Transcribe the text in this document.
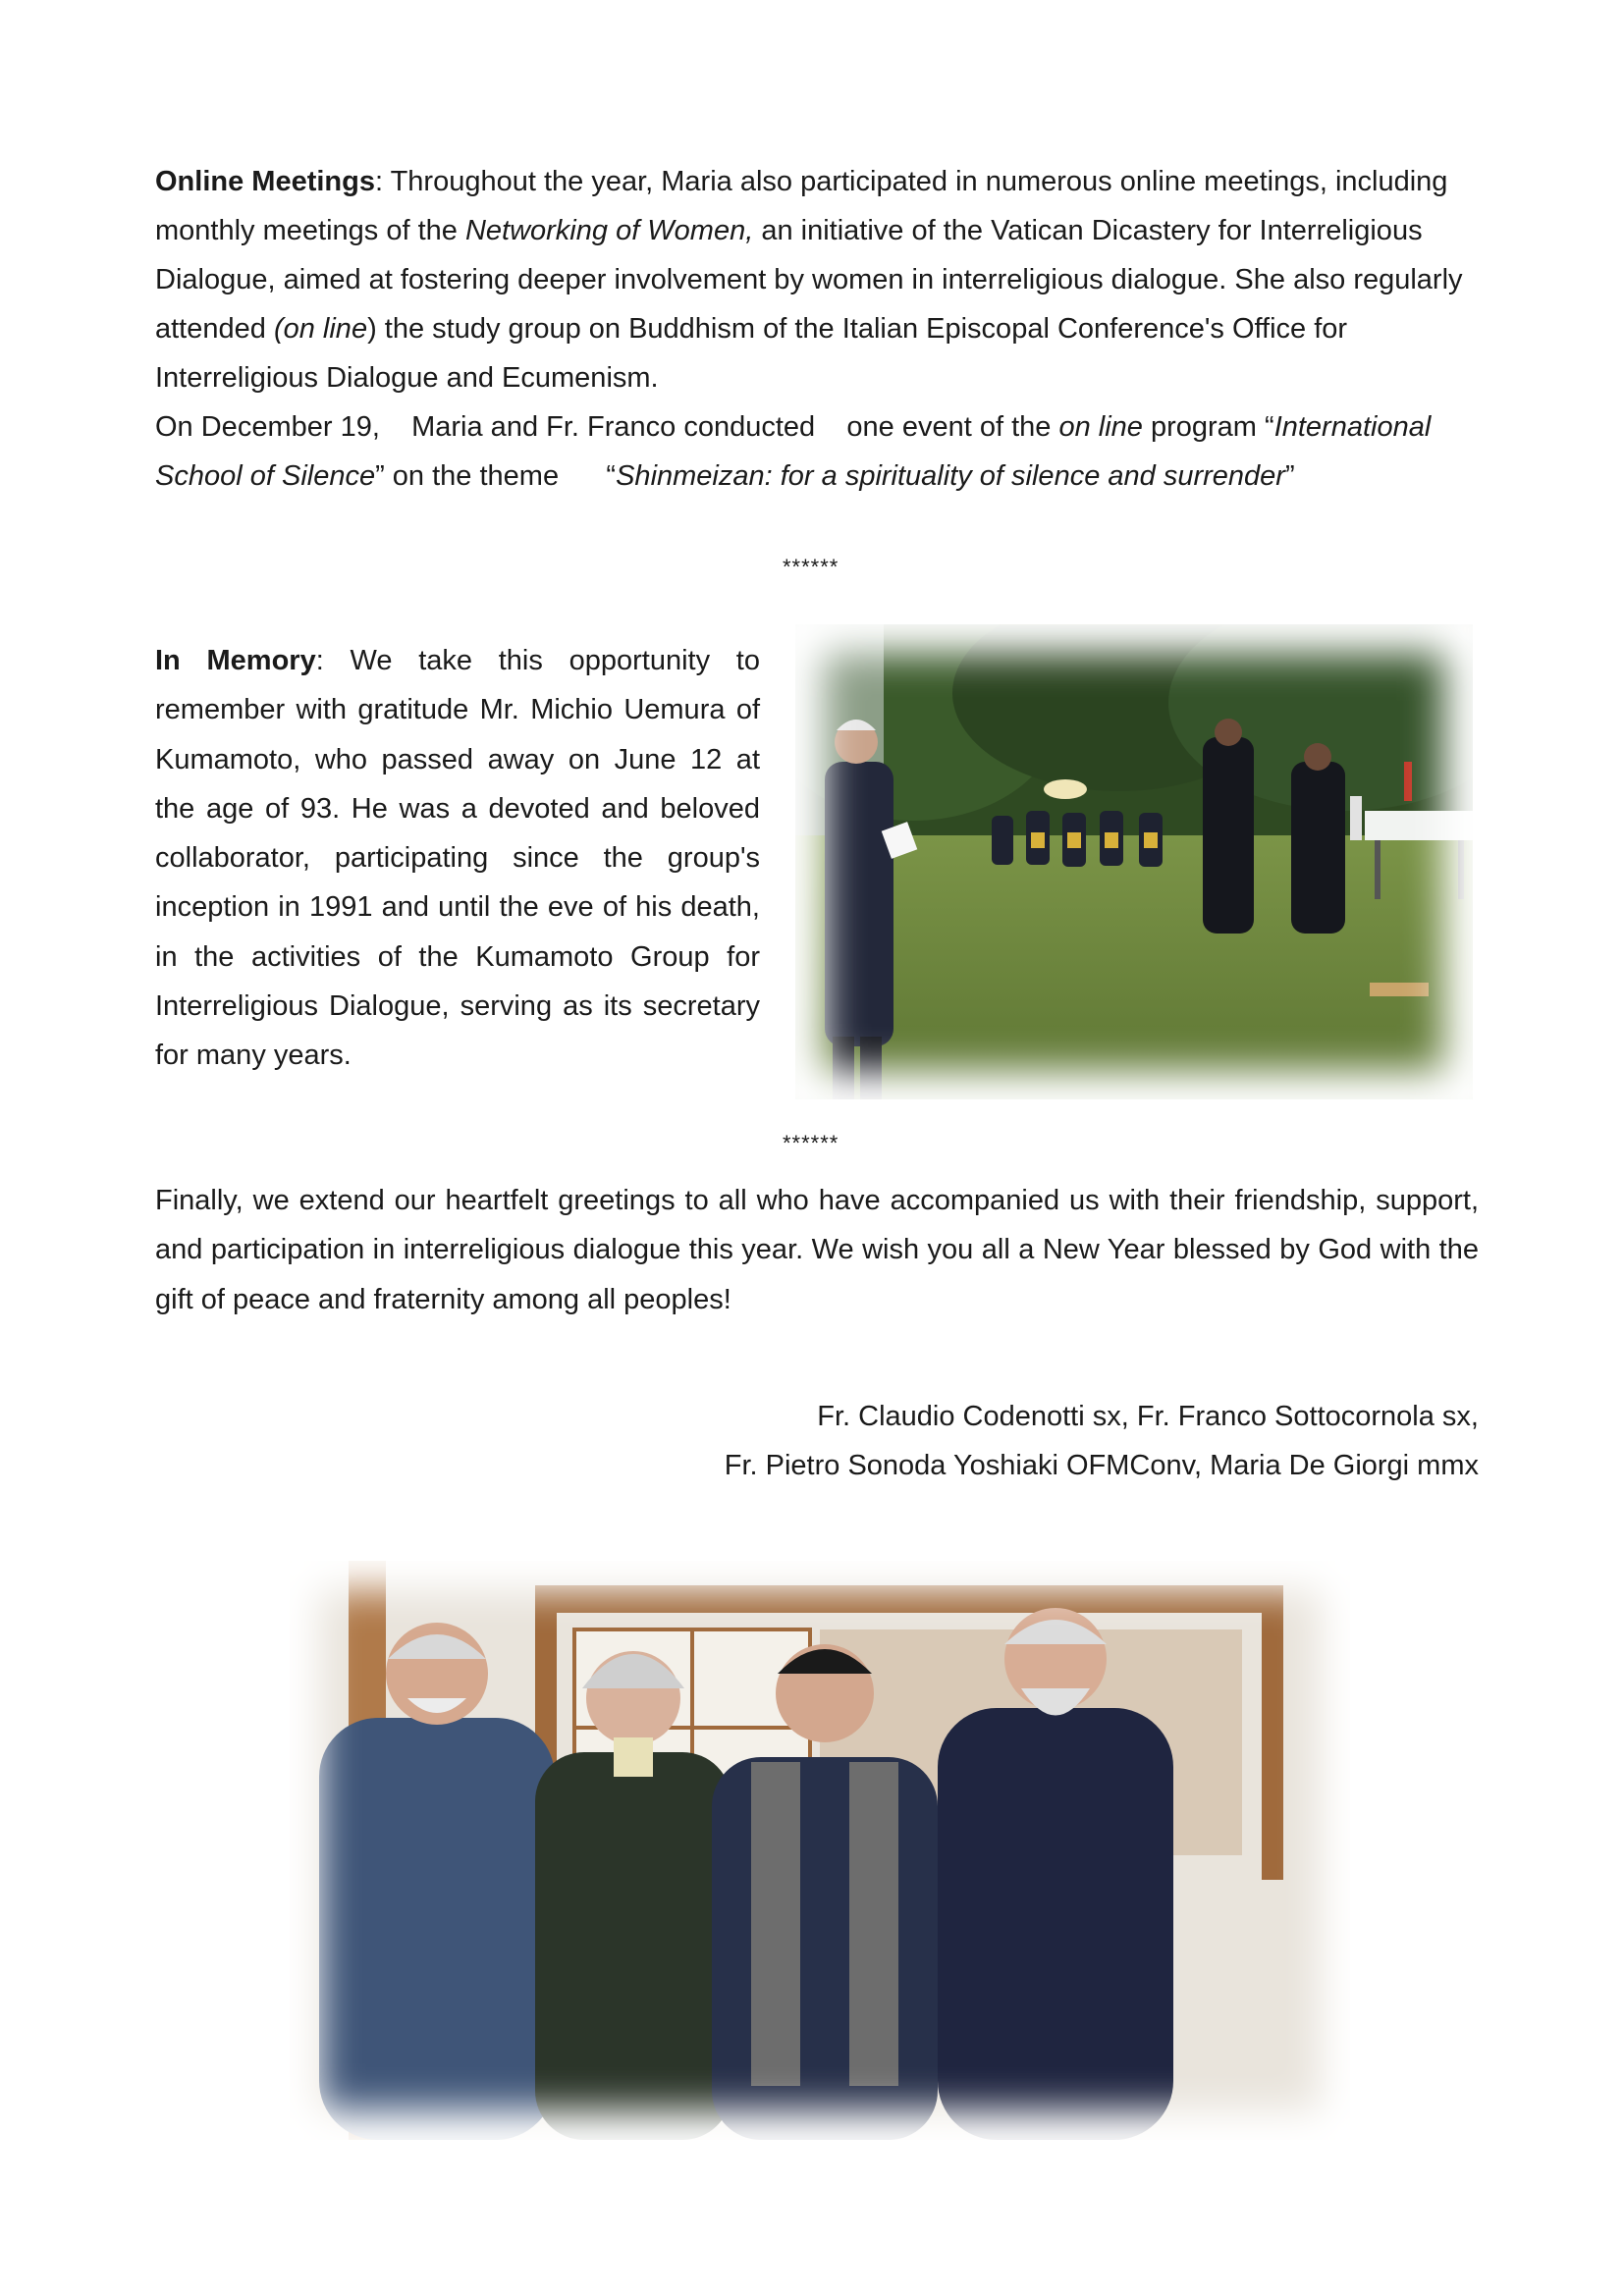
Online Meetings: Throughout the year, Maria also participated in numerous online meetings, including monthly meetings of the Networking of Women, an initiative of the Vatican Dicastery for Interreligious Dialogue, aimed at fostering deeper involvement by women in interreligious dialogue. She also regularly attended (on line) the study group on Buddhism of the Italian Episcopal Conference's Office for Interreligious Dialogue and Ecumenism.

On December 19,    Maria and Fr. Franco conducted    one event of the on line program “International School of Silence” on the theme      “Shinmeizan: for a spirituality of silence and surrender”

******

In Memory: We take this opportunity to remember with gratitude Mr. Michio Uemura of Kumamoto, who passed away on June 12 at the age of 93. He was a devoted and beloved collaborator, participating since the group's inception in 1991 and until the eve of his death, in the activities of the Kumamoto Group for Interreligious Dialogue, serving as its secretary for many years.

******

Finally, we extend our heartfelt greetings to all who have accompanied us with their friendship, support, and participation in interreligious dialogue this year. We wish you all a New Year blessed by God with the gift of peace and fraternity among all peoples!

Fr. Claudio Codenotti sx, Fr. Franco Sottocornola sx,
Fr. Pietro Sonoda Yoshiaki OFMConv, Maria De Giorgi mmx
